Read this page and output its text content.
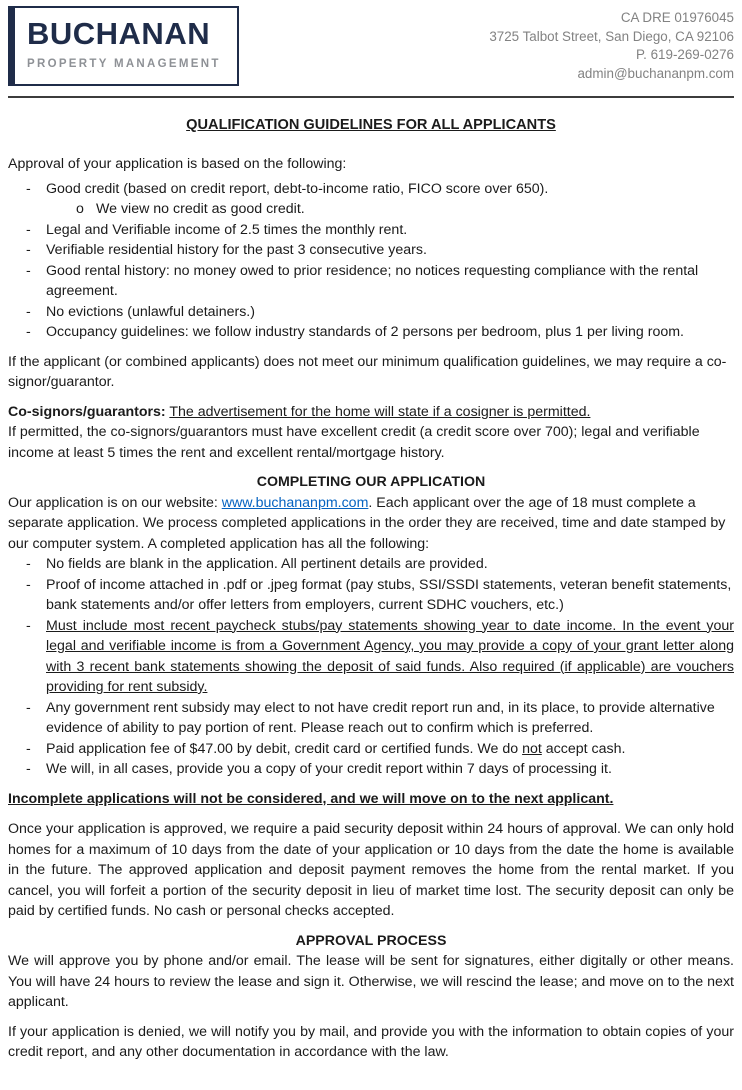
BUCHANAN
PROPERTY MANAGEMENT
CA DRE 01976045
3725 Talbot Street, San Diego, CA 92106
P. 619-269-0276
admin@buchananpm.com
QUALIFICATION GUIDELINES FOR ALL APPLICANTS

Approval of your application is based on the following:

-	Good credit (based on credit report, debt-to-income ratio, FICO score over 650).
o We view no credit as good credit.
-	Legal and Verifiable income of 2.5 times the monthly rent.
-	Verifiable residential history for the past 3 consecutive years.
-	Good rental history: no money owed to prior residence; no notices requesting compliance with the rental agreement.
-	No evictions (unlawful detainers.)
-	Occupancy guidelines: we follow industry standards of 2 persons per bedroom, plus 1 per living room.

If the applicant (or combined applicants) does not meet our minimum qualification guidelines, we may require a co-signor/guarantor.

Co-signors/guarantors: The advertisement for the home will state if a cosigner is permitted.
If permitted, the co-signors/guarantors must have excellent credit (a credit score over 700); legal and verifiable income at least 5 times the rent and excellent rental/mortgage history.
COMPLETING OUR APPLICATION

Our application is on our website: www.buchananpm.com. Each applicant over the age of 18 must complete a separate application. We process completed applications in the order they are received, time and date stamped by our computer system. A completed application has all the following:

-	No fields are blank in the application. All pertinent details are provided.
-	Proof of income attached in .pdf or .jpeg format (pay stubs, SSI/SSDI statements, veteran benefit statements, bank statements and/or offer letters from employers, current SDHC vouchers, etc.)
-	Must include most recent paycheck stubs/pay statements showing year to date income. In the event your legal and verifiable income is from a Government Agency, you may provide a copy of your grant letter along with 3 recent bank statements showing the deposit of said funds. Also required (if applicable) are vouchers providing for rent subsidy.
-	Any government rent subsidy may elect to not have credit report run and, in its place, to provide alternative evidence of ability to pay portion of rent. Please reach out to confirm which is preferred.
-	Paid application fee of $47.00 by debit, credit card or certified funds. We do not accept cash.
-	We will, in all cases, provide you a copy of your credit report within 7 days of processing it.

Incomplete applications will not be considered, and we will move on to the next applicant.

Once your application is approved, we require a paid security deposit within 24 hours of approval. We can only hold homes for a maximum of 10 days from the date of your application or 10 days from the date the home is available in the future. The approved application and deposit payment removes the home from the rental market. If you cancel, you will forfeit a portion of the security deposit in lieu of market time lost. The security deposit can only be paid by certified funds. No cash or personal checks accepted.

APPROVAL PROCESS

We will approve you by phone and/or email. The lease will be sent for signatures, either digitally or other means. You will have 24 hours to review the lease and sign it. Otherwise, we will rescind the lease; and move on to the next applicant.

If your application is denied, we will notify you by mail, and provide you with the information to obtain copies of your credit report, and any other documentation in accordance with the law.
